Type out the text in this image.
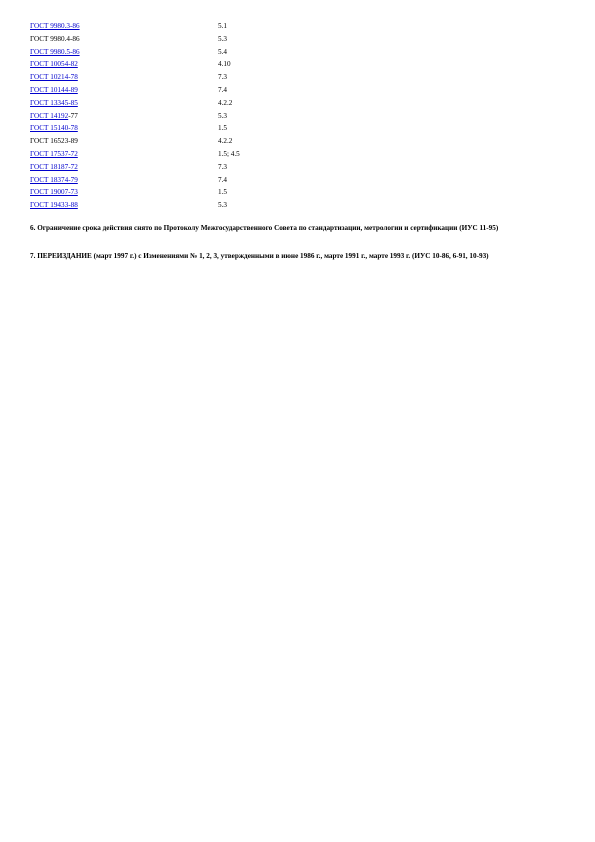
ГОСТ 9980.3-86	5.1
ГОСТ 9980.4-86	5.3
ГОСТ 9980.5-86	5.4
ГОСТ 10054-82	4.10
ГОСТ 10214-78	7.3
ГОСТ 10144-89	7.4
ГОСТ 13345-85	4.2.2
ГОСТ 14192-77	5.3
ГОСТ 15140-78	1.5
ГОСТ 16523-89	4.2.2
ГОСТ 17537-72	1.5; 4.5
ГОСТ 18187-72	7.3
ГОСТ 18374-79	7.4
ГОСТ 19007-73	1.5
ГОСТ 19433-88	5.3

6. Ограничение срока действия снято по Протоколу Межгосударственного Совета по стандартизации, метрологии и сертификации (ИУС 11-95)

7. ПЕРЕИЗДАНИЕ (март 1997 г.) с Изменениями № 1, 2, 3, утвержденными в июне 1986 г., марте 1991 г., марте 1993 г. (ИУС 10-86, 6-91, 10-93)
